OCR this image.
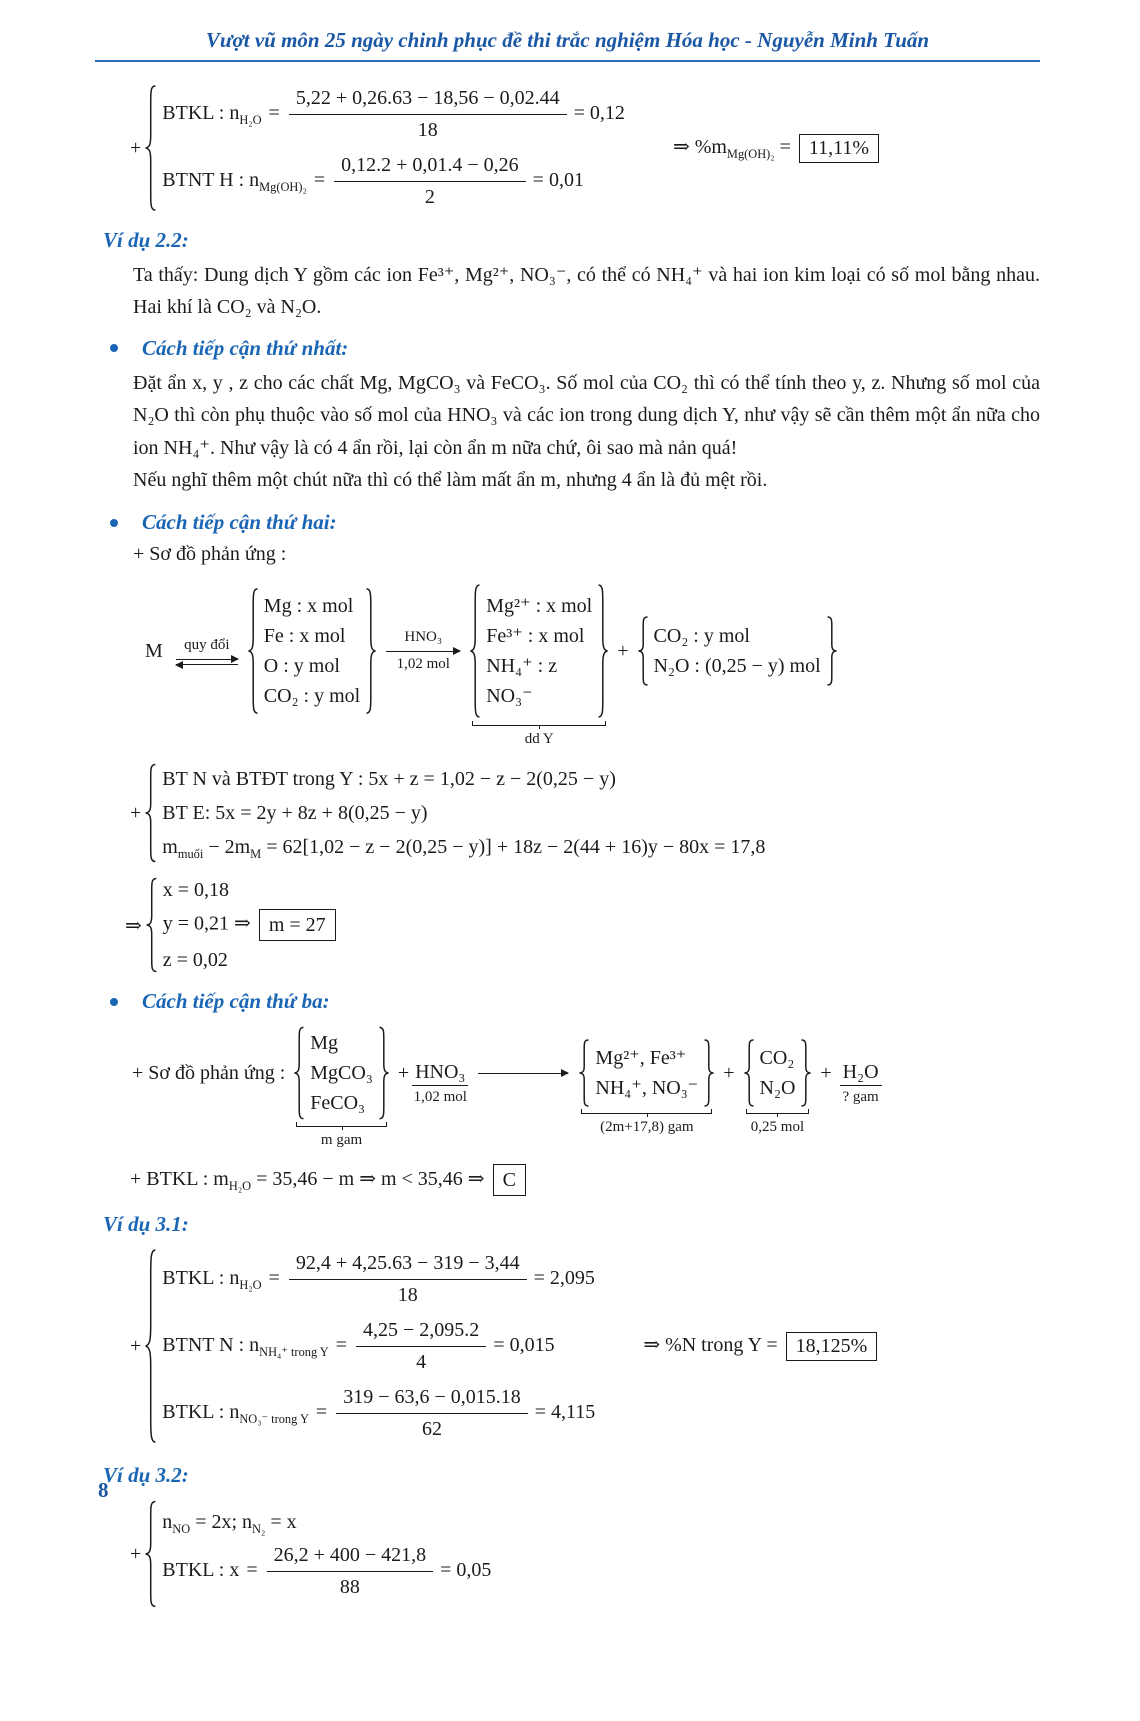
Vượt vũ môn 25 ngày chinh phục đề thi trắc nghiệm Hóa học - Nguyễn Minh Tuấn
+
BTKL : $n_{H_2O} = \frac{5,22 + 0,26.63 - 18,56 - 0,02.44}{18} = 0,12$
BTNT H : $n_{Mg(OH)_2} = \frac{0,12.2 + 0,01.4 - 0,26}{2} = 0,01$
⇒ $\%m_{Mg(OH)_2} = 11,11\%$
Ví dụ 2.2:

Ta thấy: Dung dịch Y gồm các ion Fe³⁺, Mg²⁺, NO₃⁻, có thể có NH₄⁺ và hai ion kim loại có số mol bằng nhau. Hai khí là CO₂ và N₂O.

Cách tiếp cận thứ nhất:

Đặt ẩn x, y , z cho các chất Mg, MgCO₃ và FeCO₃. Số mol của CO₂ thì có thể tính theo y, z. Nhưng số mol của N₂O thì còn phụ thuộc vào số mol của HNO₃ và các ion trong dung dịch Y, như vậy sẽ cần thêm một ẩn nữa cho ion NH₄⁺. Như vậy là có 4 ẩn rồi, lại còn ẩn m nữa chứ, ôi sao mà nản quá!

Nếu nghĩ thêm một chút nữa thì có thể làm mất ẩn m, nhưng 4 ẩn là đủ mệt rồi.

Cách tiếp cận thứ hai:
+ Sơ đồ phản ứng :
M quy đổi
Mg : x mol
Fe : x mol
O : y mol
CO₂ : y mol
HNO₃
1,02 mol
Mg²⁺ : x mol
Fe³⁺ : x mol
NH₄⁺ : z
NO₃⁻
dd Y
+
CO₂ : y mol
N₂O : (0,25 − y) mol
+
BT N và BTĐT trong Y : 5x + z = 1,02 − z − 2(0,25 − y)
BT E: 5x = 2y + 8z + 8(0,25 − y)
$m_{muối} - 2m_M = 62[1,02 - z - 2(0,25 - y)] + 18z - 2(44 + 16)y - 80x = 17,8$
⇒
x = 0,18
y = 0,21 ⇒ m = 27
z = 0,02
Cách tiếp cận thứ ba:
+ Sơ đồ phản ứng :
Mg
MgCO₃
FeCO₃
m gam
+ HNO₃
1,02 mol
Mg²⁺, Fe³⁺
NH₄⁺, NO₃⁻
(2m+17,8) gam
+
CO₂
N₂O
0,25 mol
+ H₂O
? gam
+ BTKL : $m_{H_2O} = 35,46 - m$ ⇒ m < 35,46 ⇒ C
Ví dụ 3.1:
+
BTKL : $n_{H_2O} = \frac{92,4 + 4,25.63 - 319 - 3,44}{18} = 2,095$
BTNT N : $n_{NH_4^+ trong Y} = \frac{4,25 - 2,095.2}{4} = 0,015$
BTKL : $n_{NO_3^- trong Y} = \frac{319 - 63,6 - 0,015.18}{62} = 4,115$
⇒ %N trong Y = 18,125%
Ví dụ 3.2:
+
$n_{NO} = 2x$; $n_{N_2} = x$
BTKL : $x = \frac{26,2 + 400 - 421,8}{88} = 0,05$
8
